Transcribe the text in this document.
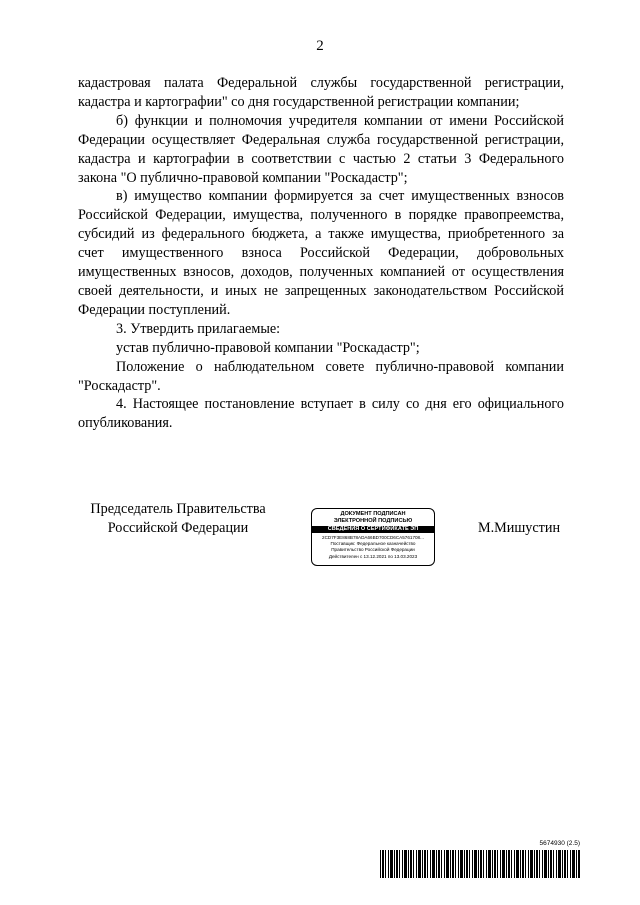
2

кадастровая палата Федеральной службы государственной регистрации, кадастра и картографии" со дня государственной регистрации компании;

б) функции и полномочия учредителя компании от имени Российской Федерации осуществляет Федеральная служба государственной регистрации, кадастра и картографии в соответствии с частью 2 статьи 3 Федерального закона "О публично-правовой компании "Роскадастр";

в) имущество компании формируется за счет имущественных взносов Российской Федерации, имущества, полученного в порядке правопреемства, субсидий из федерального бюджета, а также имущества, приобретенного за счет имущественного взноса Российской Федерации, добровольных имущественных взносов, доходов, полученных компанией от осуществления своей деятельности, и иных не запрещенных законодательством Российской Федерации поступлений.

3. Утвердить прилагаемые:

устав публично-правовой компании "Роскадастр";

Положение о наблюдательном совете публично-правовой компании "Роскадастр".

4. Настоящее постановление вступает в силу со дня его официального опубликования.

Председатель Правительства
Российской Федерации
ДОКУМЕНТ ПОДПИСАН
ЭЛЕКТРОННОЙ ПОДПИСЬЮ
СВЕДЕНИЯ О СЕРТИФИКАТЕ ЭП
2CD7F3E868B78ADA66BD700CD6CA5761708...
Поставщик: Федеральное казначейство
Правительство Российской Федерации
Действителен с 13.12.2021 по 13.03.2023
М.Мишустин
5674930 (2.5)
